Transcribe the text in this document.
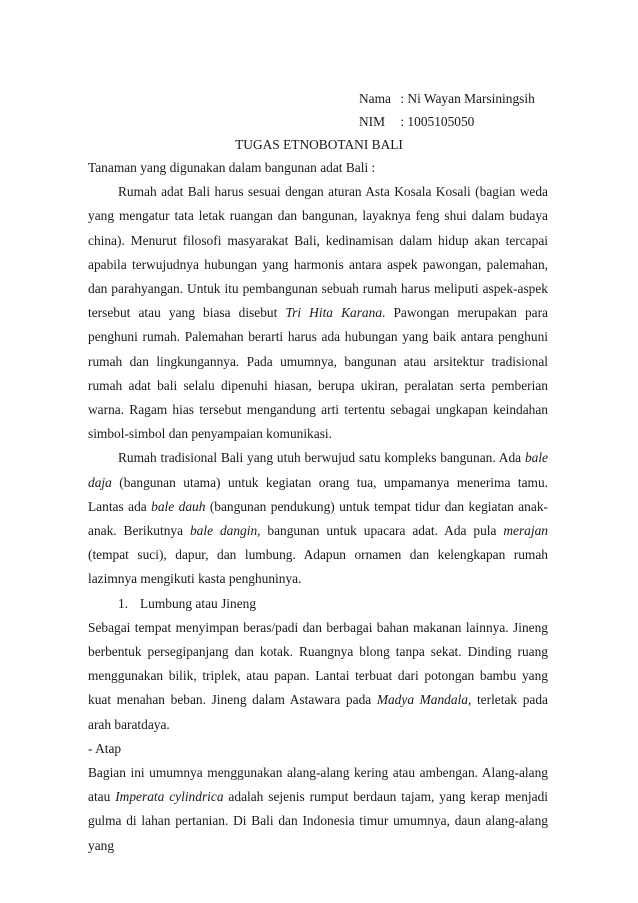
Nama : Ni Wayan Marsiningsih
NIM : 1005105050
TUGAS ETNOBOTANI BALI

Tanaman yang digunakan dalam bangunan adat Bali :

Rumah adat Bali harus sesuai dengan aturan Asta Kosala Kosali (bagian weda yang mengatur tata letak ruangan dan bangunan, layaknya feng shui dalam budaya china). Menurut filosofi masyarakat Bali, kedinamisan dalam hidup akan tercapai apabila terwujudnya hubungan yang harmonis antara aspek pawongan, palemahan, dan parahyangan. Untuk itu pembangunan sebuah rumah harus meliputi aspek-aspek tersebut atau yang biasa disebut Tri Hita Karana. Pawongan merupakan para penghuni rumah. Palemahan berarti harus ada hubungan yang baik antara penghuni rumah dan lingkungannya. Pada umumnya, bangunan atau arsitektur tradisional rumah adat bali selalu dipenuhi hiasan, berupa ukiran, peralatan serta pemberian warna. Ragam hias tersebut mengandung arti tertentu sebagai ungkapan keindahan simbol-simbol dan penyampaian komunikasi.

Rumah tradisional Bali yang utuh berwujud satu kompleks bangunan. Ada bale daja (bangunan utama) untuk kegiatan orang tua, umpamanya menerima tamu. Lantas ada bale dauh (bangunan pendukung) untuk tempat tidur dan kegiatan anak-anak. Berikutnya bale dangin, bangunan untuk upacara adat. Ada pula merajan (tempat suci), dapur, dan lumbung. Adapun ornamen dan kelengkapan rumah lazimnya mengikuti kasta penghuninya.

1. Lumbung atau Jineng

Sebagai tempat menyimpan beras/padi dan berbagai bahan makanan lainnya. Jineng berbentuk persegipanjang dan kotak. Ruangnya blong tanpa sekat. Dinding ruang menggunakan bilik, triplek, atau papan. Lantai terbuat dari potongan bambu yang kuat menahan beban. Jineng dalam Astawara pada Madya Mandala, terletak pada arah baratdaya.

- Atap

Bagian ini umumnya menggunakan alang-alang kering atau ambengan. Alang-alang atau Imperata cylindrica adalah sejenis rumput berdaun tajam, yang kerap menjadi gulma di lahan pertanian. Di Bali dan Indonesia timur umumnya, daun alang-alang yang
